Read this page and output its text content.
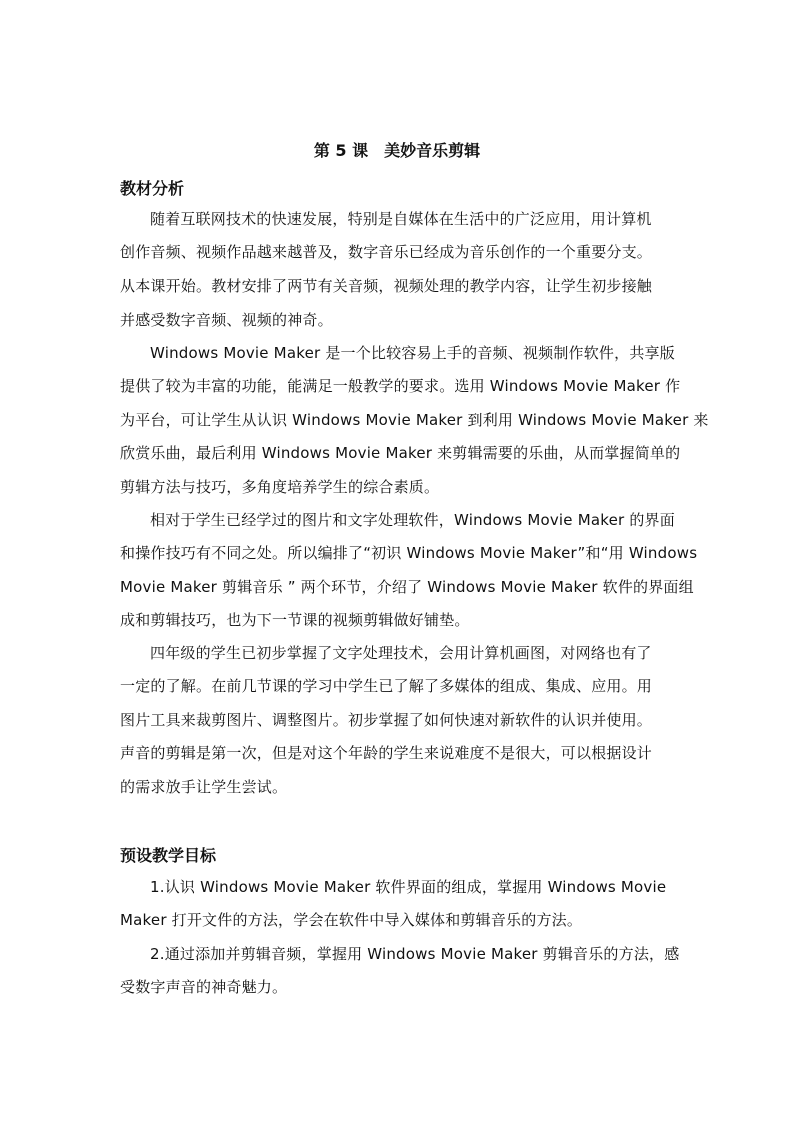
第 5 课　美妙音乐剪辑
教材分析
随着互联网技术的快速发展，特别是自媒体在生活中的广泛应用，用计算机
创作音频、视频作品越来越普及，数字音乐已经成为音乐创作的一个重要分支。
从本课开始。教材安排了两节有关音频，视频处理的教学内容，让学生初步接触
并感受数字音频、视频的神奇。
Windows Movie Maker 是一个比较容易上手的音频、视频制作软件，共享版
提供了较为丰富的功能，能满足一般教学的要求。选用 Windows Movie Maker 作
为平台，可让学生从认识 Windows Movie Maker 到利用 Windows Movie Maker 来
欣赏乐曲，最后利用 Windows Movie Maker 来剪辑需要的乐曲，从而掌握简单的
剪辑方法与技巧，多角度培养学生的综合素质。
相对于学生已经学过的图片和文字处理软件，Windows Movie Maker 的界面
和操作技巧有不同之处。所以编排了“初识 Windows Movie Maker”和“用 Windows
Movie Maker 剪辑音乐 ” 两个环节，介绍了 Windows Movie Maker 软件的界面组
成和剪辑技巧，也为下一节课的视频剪辑做好铺垫。
四年级的学生已初步掌握了文字处理技术，会用计算机画图，对网络也有了
一定的了解。在前几节课的学习中学生已了解了多媒体的组成、集成、应用。用
图片工具来裁剪图片、调整图片。初步掌握了如何快速对新软件的认识并使用。
声音的剪辑是第一次，但是对这个年龄的学生来说难度不是很大，可以根据设计
的需求放手让学生尝试。
预设教学目标
1.认识 Windows Movie Maker 软件界面的组成，掌握用 Windows Movie
Maker 打开文件的方法，学会在软件中导入媒体和剪辑音乐的方法。
2.通过添加并剪辑音频，掌握用 Windows Movie Maker 剪辑音乐的方法，感
受数字声音的神奇魅力。
